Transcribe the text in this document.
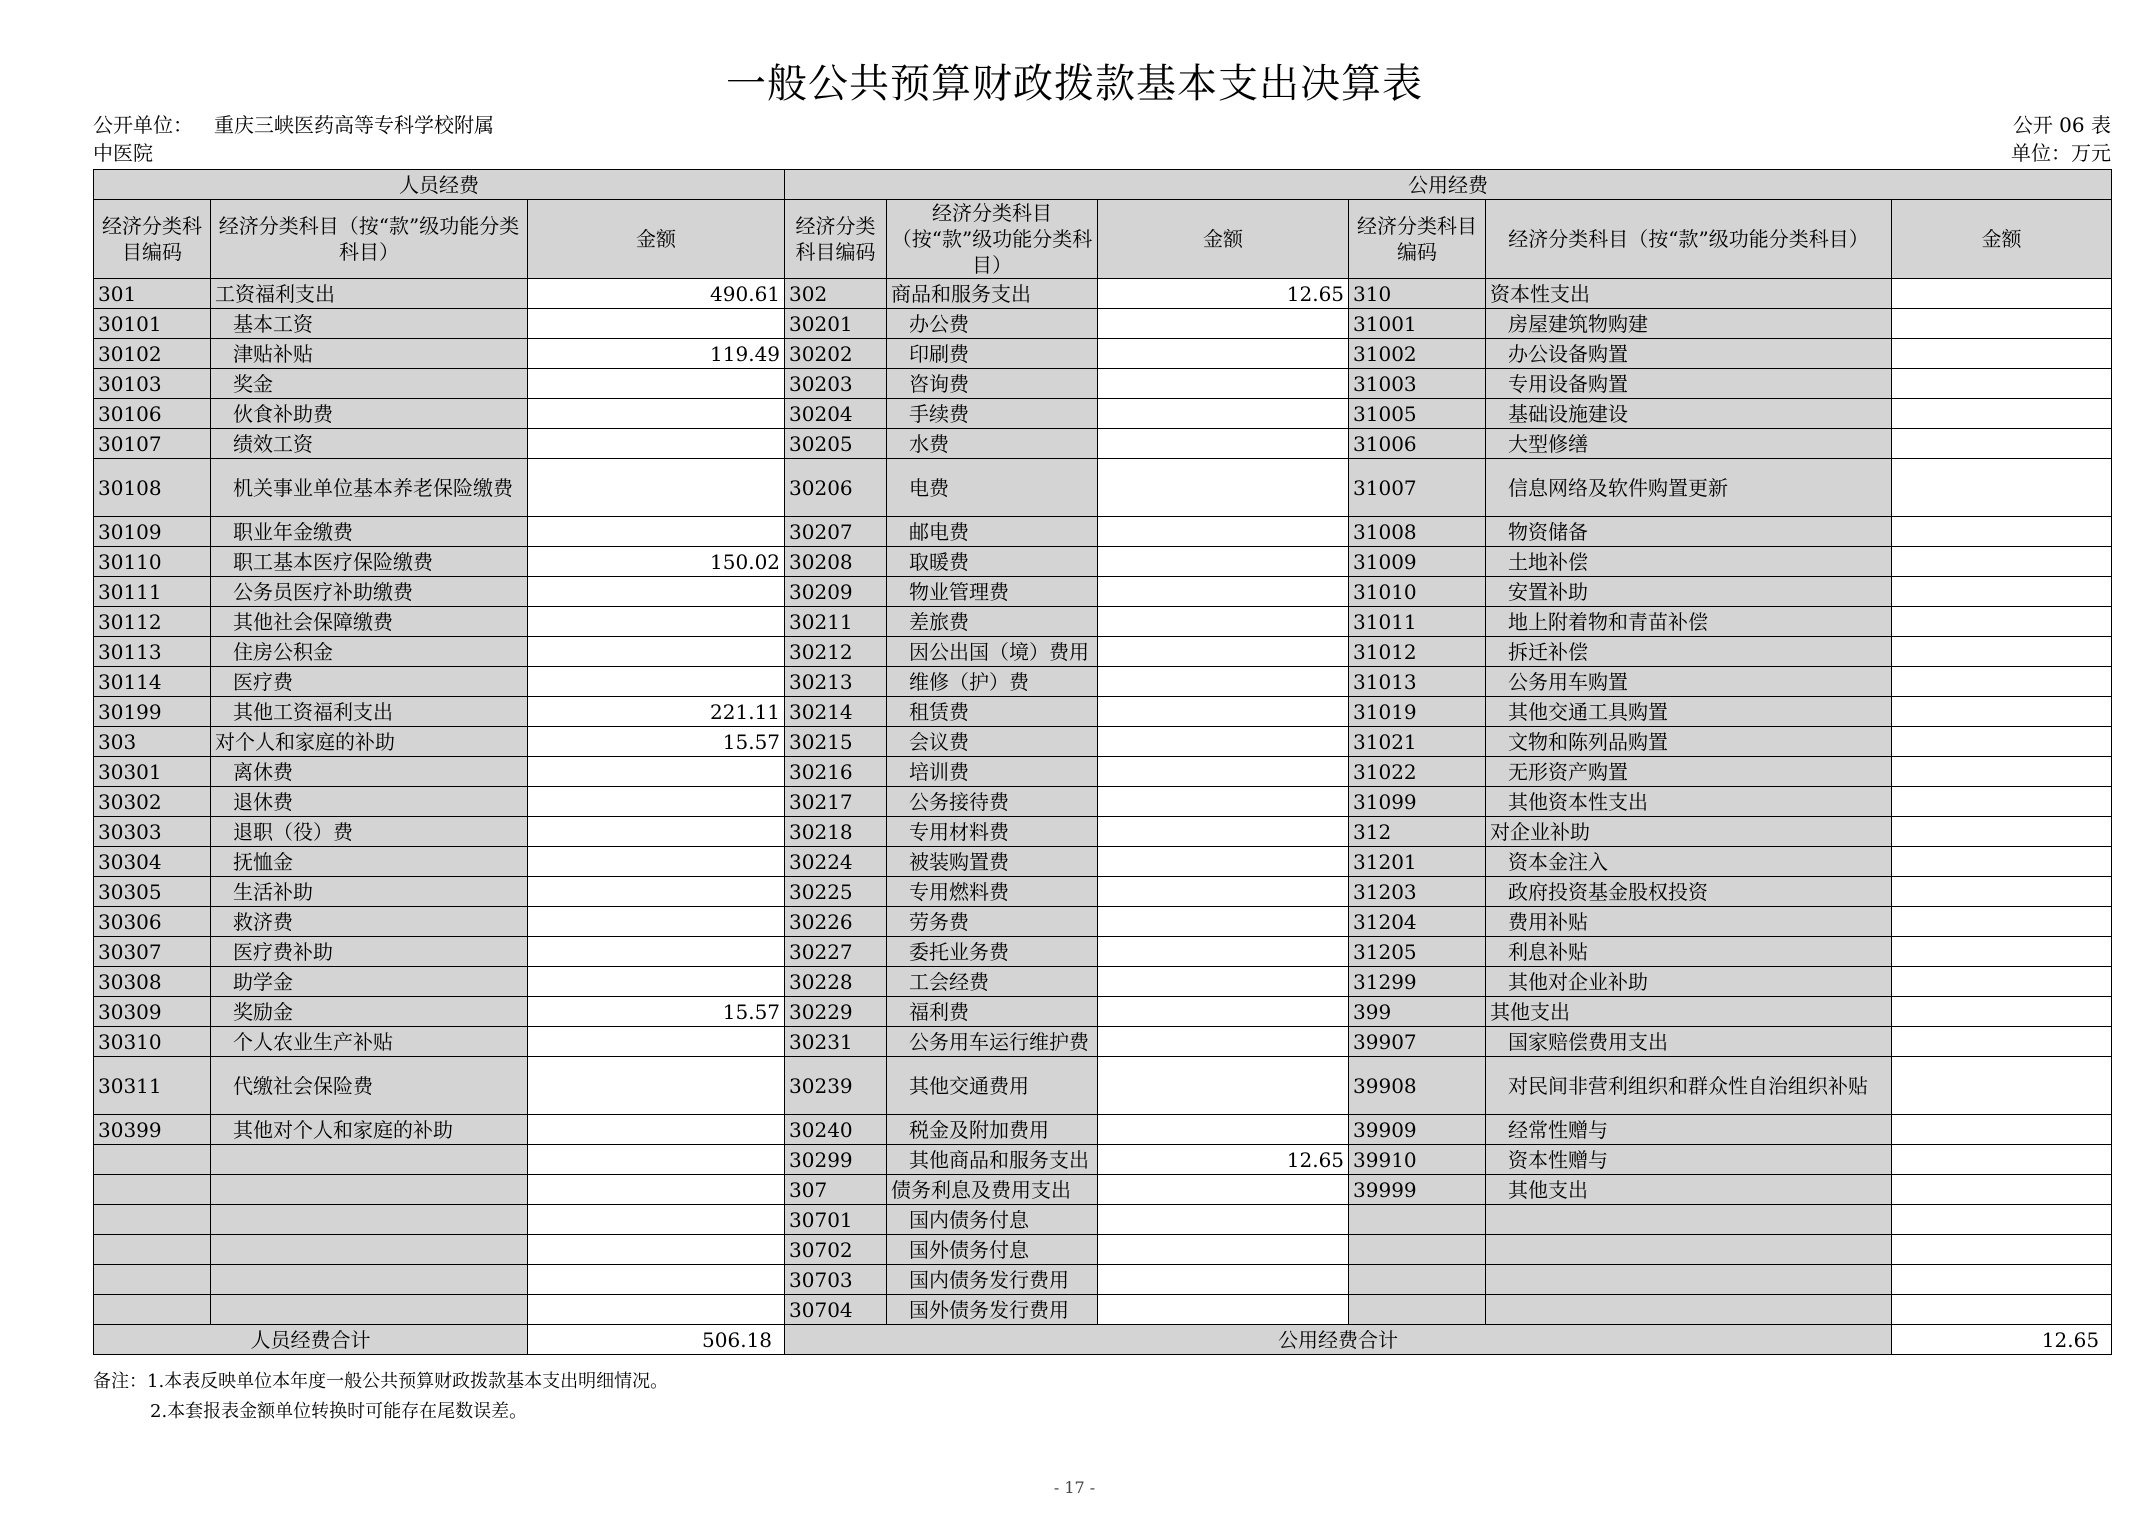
一般公共预算财政拨款基本支出决算表
公开单位： 重庆三峡医药高等专科学校附属
中医院
公开 06 表
单位：万元
人员经费			公用经费					
经济分类科目编码	经济分类科目（按“款”级功能分类科目）	金额	经济分类科目编码	经济分类科目（按“款”级功能分类科目）	金额	经济分类科目编码	经济分类科目（按“款”级功能分类科目）	金额
301	工资福利支出	490.61	302	商品和服务支出	12.65	310	资本性支出	
30101	基本工资		30201	办公费		31001	房屋建筑物购建	
30102	津贴补贴	119.49	30202	印刷费		31002	办公设备购置	
30103	奖金		30203	咨询费		31003	专用设备购置	
30106	伙食补助费		30204	手续费		31005	基础设施建设	
30107	绩效工资		30205	水费		31006	大型修缮	
30108	机关事业单位基本养老保险缴费		30206	电费		31007	信息网络及软件购置更新	
30109	职业年金缴费		30207	邮电费		31008	物资储备	
30110	职工基本医疗保险缴费	150.02	30208	取暖费		31009	土地补偿	
30111	公务员医疗补助缴费		30209	物业管理费		31010	安置补助	
30112	其他社会保障缴费		30211	差旅费		31011	地上附着物和青苗补偿	
30113	住房公积金		30212	因公出国（境）费用		31012	拆迁补偿	
30114	医疗费		30213	维修（护）费		31013	公务用车购置	
30199	其他工资福利支出	221.11	30214	租赁费		31019	其他交通工具购置	
303	对个人和家庭的补助	15.57	30215	会议费		31021	文物和陈列品购置	
30301	离休费		30216	培训费		31022	无形资产购置	
30302	退休费		30217	公务接待费		31099	其他资本性支出	
30303	退职（役）费		30218	专用材料费		312	对企业补助	
30304	抚恤金		30224	被装购置费		31201	资本金注入	
30305	生活补助		30225	专用燃料费		31203	政府投资基金股权投资	
30306	救济费		30226	劳务费		31204	费用补贴	
30307	医疗费补助		30227	委托业务费		31205	利息补贴	
30308	助学金		30228	工会经费		31299	其他对企业补助	
30309	奖励金	15.57	30229	福利费		399	其他支出	
30310	个人农业生产补贴		30231	公务用车运行维护费		39907	国家赔偿费用支出	
30311	代缴社会保险费		30239	其他交通费用		39908	对民间非营利组织和群众性自治组织补贴	
30399	其他对个人和家庭的补助		30240	税金及附加费用		39909	经常性赠与	
			30299	其他商品和服务支出	12.65	39910	资本性赠与	
			307	债务利息及费用支出		39999	其他支出	
			30701	国内债务付息				
			30702	国外债务付息				
			30703	国内债务发行费用				
			30704	国外债务发行费用				
人员经费合计		506.18	公用经费合计					12.65
备注：1.本表反映单位本年度一般公共预算财政拨款基本支出明细情况。
2.本套报表金额单位转换时可能存在尾数误差。
- 17 -
